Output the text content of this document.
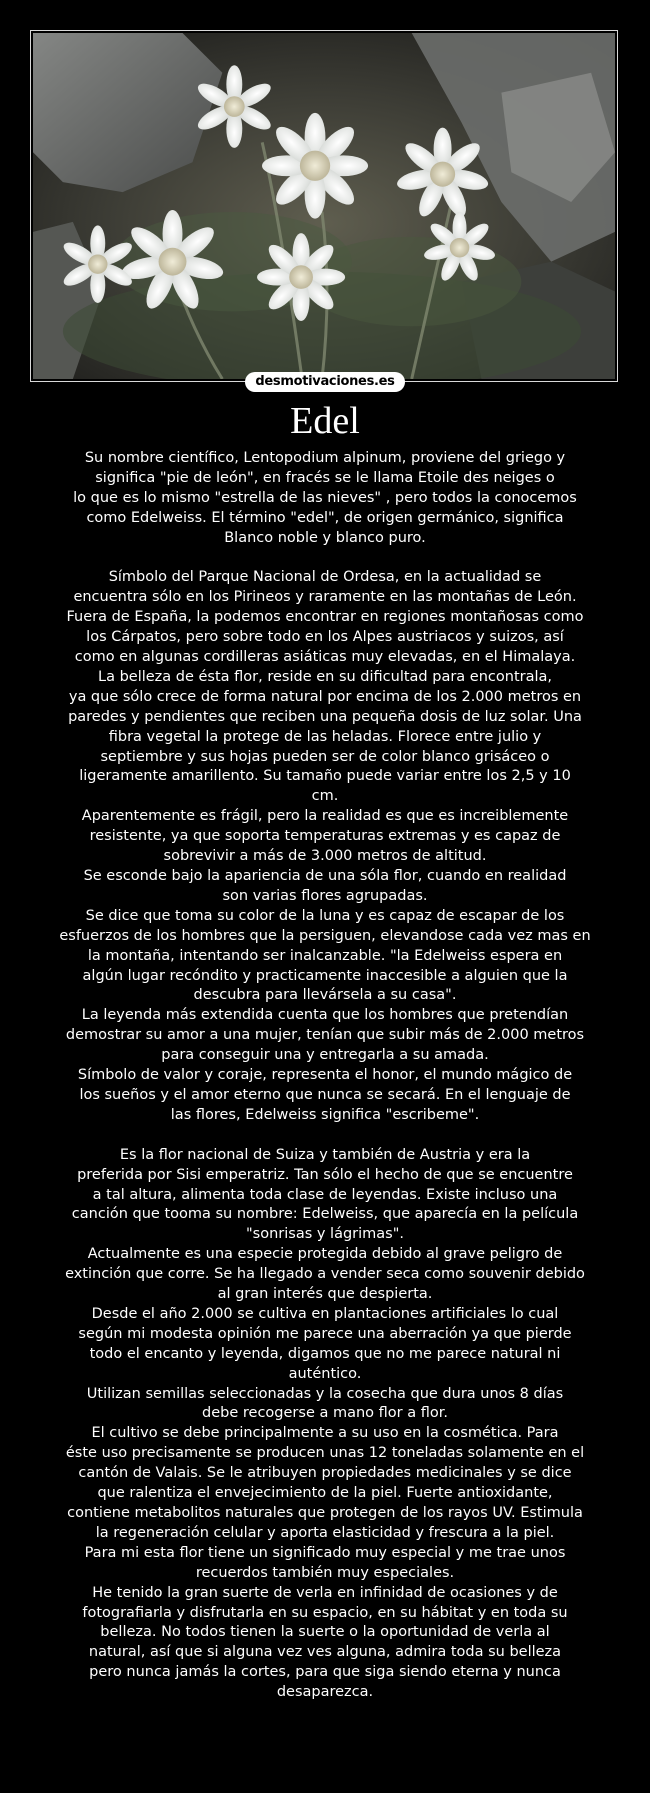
desmotivaciones.es
Edel
Su nombre científico, Lentopodium alpinum, proviene del griego y
significa "pie de león", en fracés se le llama Etoile des neiges o
lo que es lo mismo "estrella de las nieves" , pero todos la conocemos
como Edelweiss. El término "edel", de origen germánico, significa
Blanco noble y blanco puro.
Símbolo del Parque Nacional de Ordesa, en la actualidad se
encuentra sólo en los Pirineos y raramente en las montañas de León.
Fuera de España, la podemos encontrar en regiones montañosas como
los Cárpatos, pero sobre todo en los Alpes austriacos y suizos, así
como en algunas cordilleras asiáticas muy elevadas, en el Himalaya.
La belleza de ésta flor, reside en su dificultad para encontrala,
ya que sólo crece de forma natural por encima de los 2.000 metros en
paredes y pendientes que reciben una pequeña dosis de luz solar. Una
fibra vegetal la protege de las heladas. Florece entre julio y
septiembre y sus hojas pueden ser de color blanco grisáceo o
ligeramente amarillento. Su tamaño puede variar entre los 2,5 y 10
cm.
Aparentemente es frágil, pero la realidad es que es increiblemente
resistente, ya que soporta temperaturas extremas y es capaz de
sobrevivir a más de 3.000 metros de altitud.
Se esconde bajo la apariencia de una sóla flor, cuando en realidad
son varias flores agrupadas.
Se dice que toma su color de la luna y es capaz de escapar de los
esfuerzos de los hombres que la persiguen, elevandose cada vez mas en
la montaña, intentando ser inalcanzable. "la Edelweiss espera en
algún lugar recóndito y practicamente inaccesible a alguien que la
descubra para llevársela a su casa".
La leyenda más extendida cuenta que los hombres que pretendían
demostrar su amor a una mujer, tenían que subir más de 2.000 metros
para conseguir una y entregarla a su amada.
Símbolo de valor y coraje, representa el honor, el mundo mágico de
los sueños y el amor eterno que nunca se secará. En el lenguaje de
las flores, Edelweiss significa "escribeme".
Es la flor nacional de Suiza y también de Austria y era la
preferida por Sisi emperatriz. Tan sólo el hecho de que se encuentre
a tal altura, alimenta toda clase de leyendas. Existe incluso una
canción que tooma su nombre: Edelweiss, que aparecía en la película
"sonrisas y lágrimas".
Actualmente es una especie protegida debido al grave peligro de
extinción que corre. Se ha llegado a vender seca como souvenir debido
al gran interés que despierta.
Desde el año 2.000 se cultiva en plantaciones artificiales lo cual
según mi modesta opinión me parece una aberración ya que pierde
todo el encanto y leyenda, digamos que no me parece natural ni
auténtico.
Utilizan semillas seleccionadas y la cosecha que dura unos 8 días
debe recogerse a mano flor a flor.
El cultivo se debe principalmente a su uso en la cosmética. Para
éste uso precisamente se producen unas 12 toneladas solamente en el
cantón de Valais. Se le atribuyen propiedades medicinales y se dice
que ralentiza el envejecimiento de la piel. Fuerte antioxidante,
contiene metabolitos naturales que protegen de los rayos UV. Estimula
la regeneración celular y aporta elasticidad y frescura a la piel.
Para mi esta flor tiene un significado muy especial y me trae unos
recuerdos también muy especiales.
He tenido la gran suerte de verla en infinidad de ocasiones y de
fotografiarla y disfrutarla en su espacio, en su hábitat y en toda su
belleza. No todos tienen la suerte o la oportunidad de verla al
natural, así que si alguna vez ves alguna, admira toda su belleza
pero nunca jamás la cortes, para que siga siendo eterna y nunca
desaparezca.
